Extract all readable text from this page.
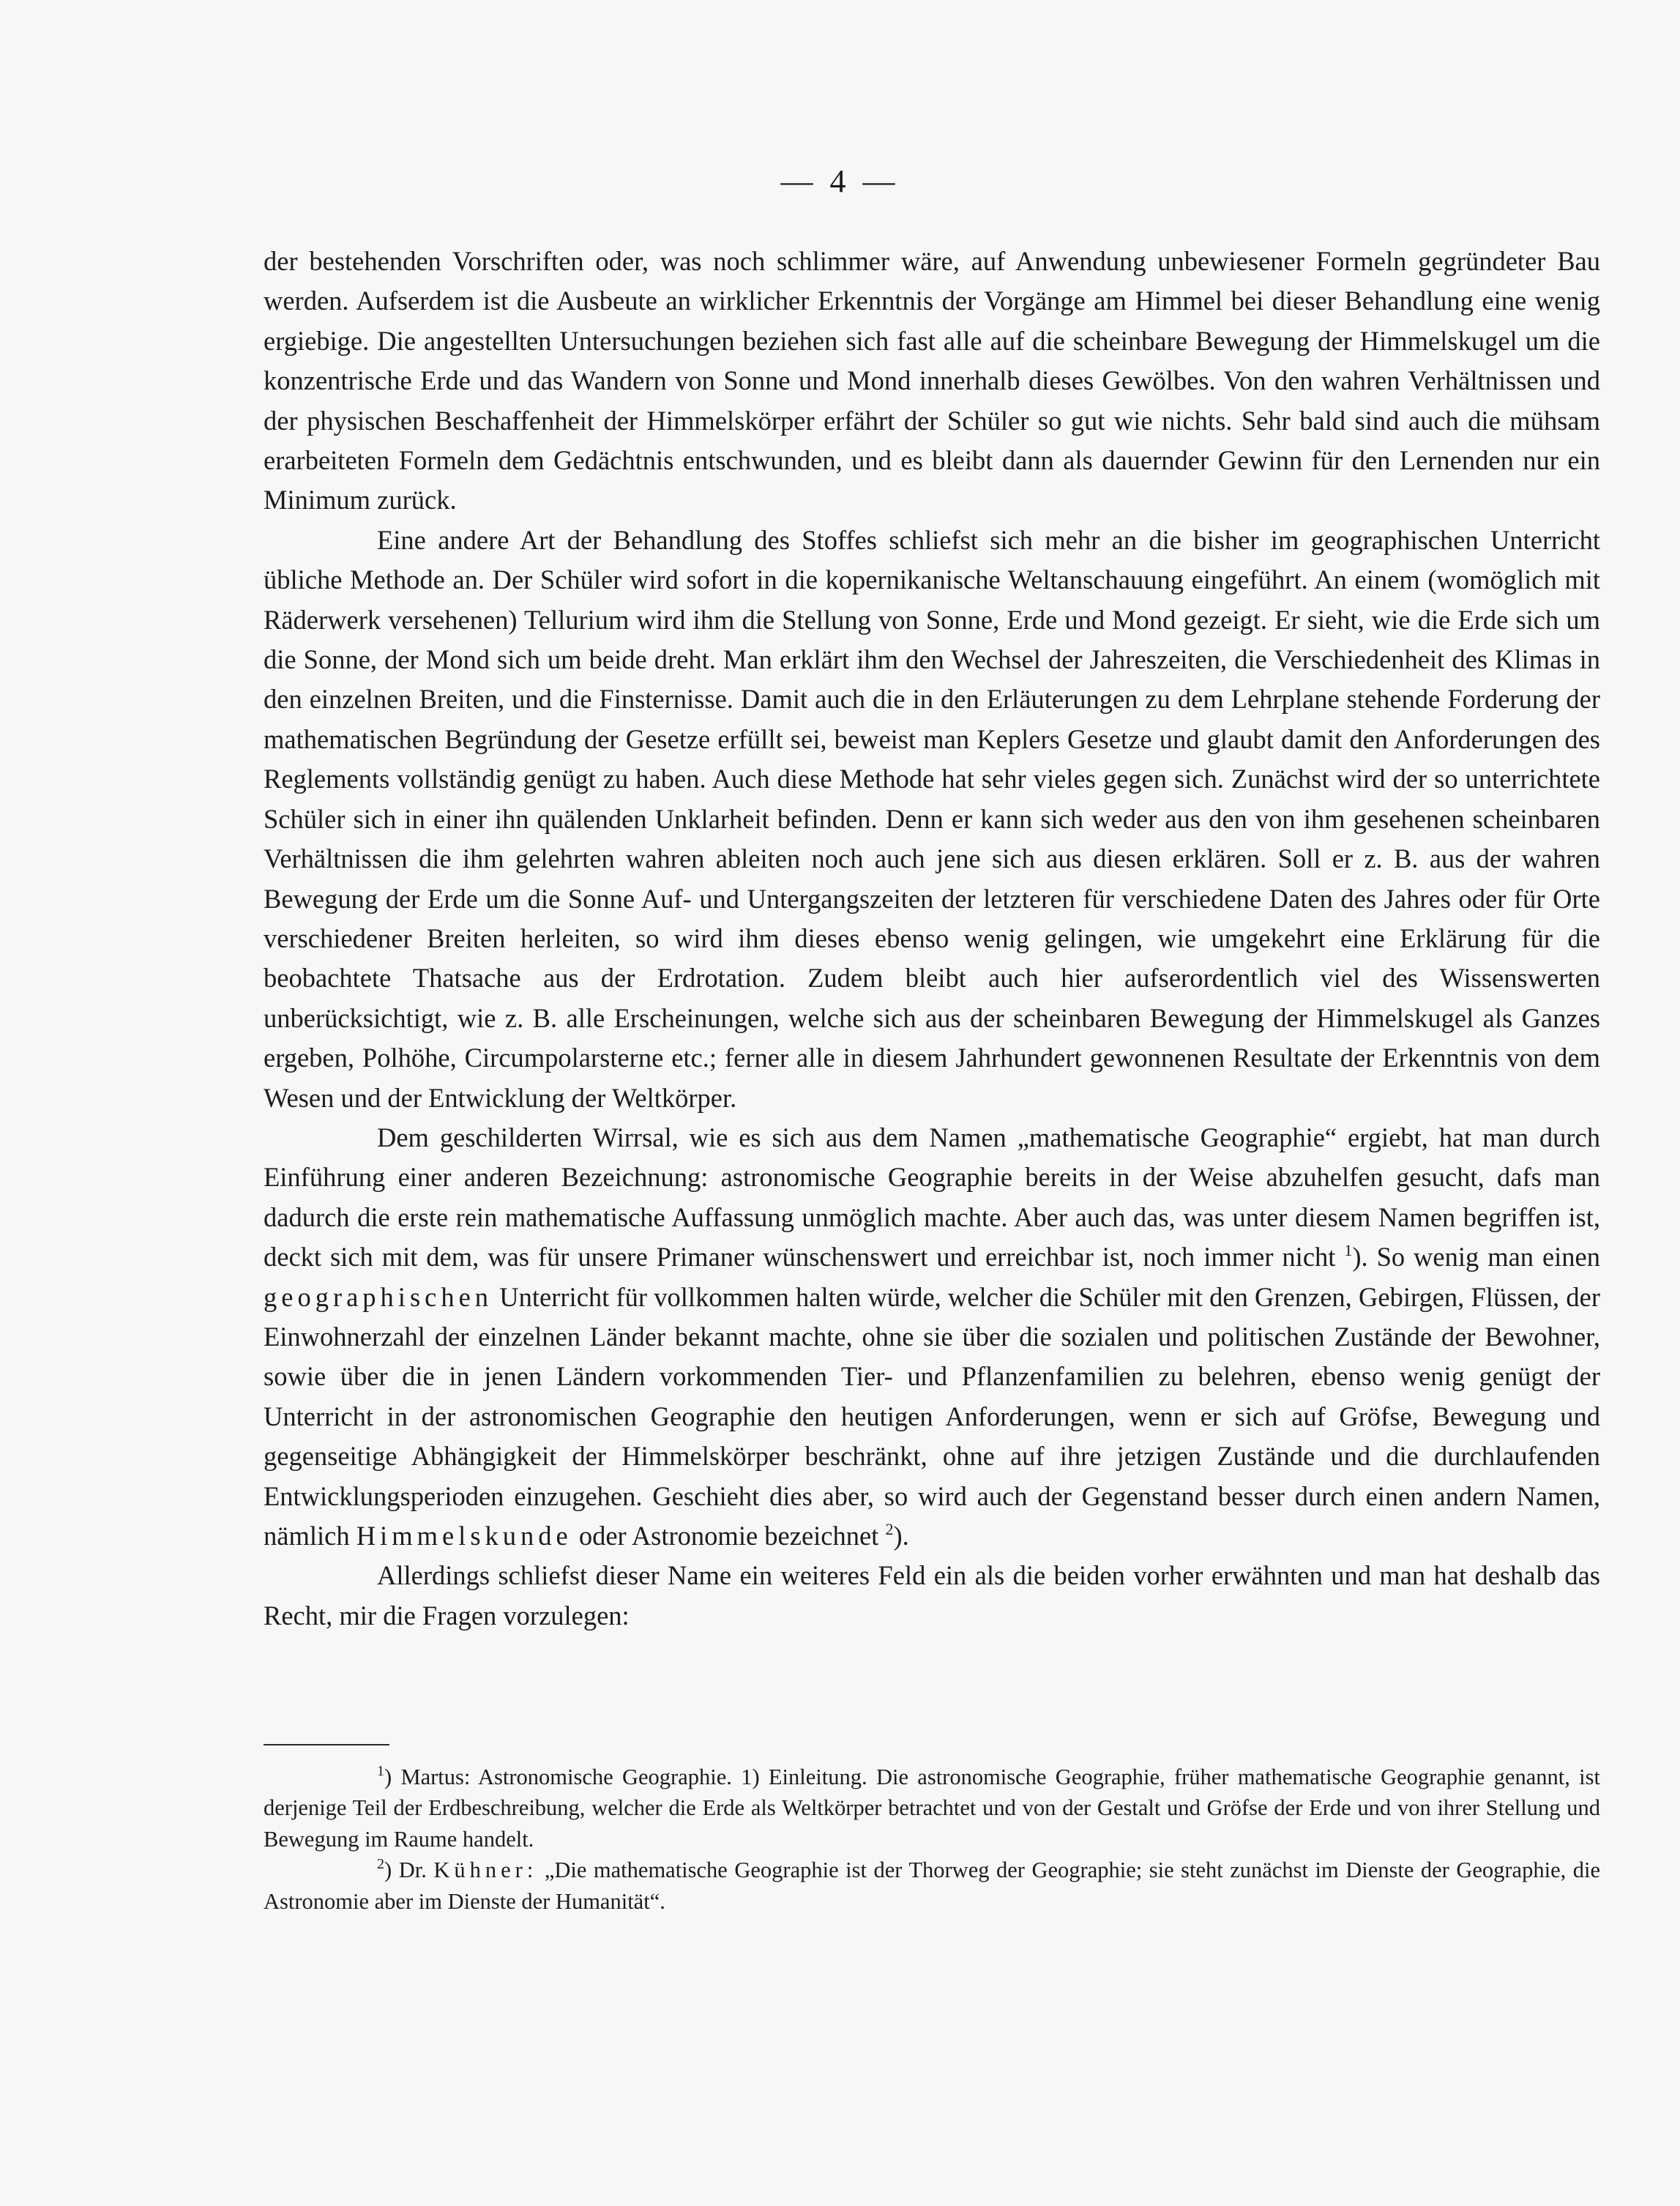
— 4 —

der bestehenden Vorschriften oder, was noch schlimmer wäre, auf Anwendung unbewiesener Formeln gegründeter Bau werden. Aufserdem ist die Ausbeute an wirklicher Erkenntnis der Vorgänge am Himmel bei dieser Behandlung eine wenig ergiebige. Die angestellten Untersuchungen beziehen sich fast alle auf die scheinbare Bewegung der Himmelskugel um die konzentrische Erde und das Wandern von Sonne und Mond innerhalb dieses Gewölbes. Von den wahren Verhältnissen und der physischen Beschaffenheit der Himmelskörper erfährt der Schüler so gut wie nichts. Sehr bald sind auch die mühsam erarbeiteten Formeln dem Gedächtnis entschwunden, und es bleibt dann als dauernder Gewinn für den Lernenden nur ein Minimum zurück.

Eine andere Art der Behandlung des Stoffes schliefst sich mehr an die bisher im geographischen Unterricht übliche Methode an. Der Schüler wird sofort in die kopernikanische Weltanschauung eingeführt. An einem (womöglich mit Räderwerk versehenen) Tellurium wird ihm die Stellung von Sonne, Erde und Mond gezeigt. Er sieht, wie die Erde sich um die Sonne, der Mond sich um beide dreht. Man erklärt ihm den Wechsel der Jahreszeiten, die Verschiedenheit des Klimas in den einzelnen Breiten, und die Finsternisse. Damit auch die in den Erläuterungen zu dem Lehrplane stehende Forderung der mathematischen Begründung der Gesetze erfüllt sei, beweist man Keplers Gesetze und glaubt damit den Anforderungen des Reglements vollständig genügt zu haben. Auch diese Methode hat sehr vieles gegen sich. Zunächst wird der so unterrichtete Schüler sich in einer ihn quälenden Unklarheit befinden. Denn er kann sich weder aus den von ihm gesehenen scheinbaren Verhältnissen die ihm gelehrten wahren ableiten noch auch jene sich aus diesen erklären. Soll er z. B. aus der wahren Bewegung der Erde um die Sonne Auf- und Untergangszeiten der letzteren für verschiedene Daten des Jahres oder für Orte verschiedener Breiten herleiten, so wird ihm dieses ebenso wenig gelingen, wie umgekehrt eine Erklärung für die beobachtete Thatsache aus der Erdrotation. Zudem bleibt auch hier aufserordentlich viel des Wissenswerten unberücksichtigt, wie z. B. alle Erscheinungen, welche sich aus der scheinbaren Bewegung der Himmelskugel als Ganzes ergeben, Polhöhe, Circumpolarsterne etc.; ferner alle in diesem Jahrhundert gewonnenen Resultate der Erkenntnis von dem Wesen und der Entwicklung der Weltkörper.

Dem geschilderten Wirrsal, wie es sich aus dem Namen „mathematische Geographie“ ergiebt, hat man durch Einführung einer anderen Bezeichnung: astronomische Geographie bereits in der Weise abzuhelfen gesucht, dafs man dadurch die erste rein mathematische Auffassung unmöglich machte. Aber auch das, was unter diesem Namen begriffen ist, deckt sich mit dem, was für unsere Primaner wünschenswert und erreichbar ist, noch immer nicht $^1$). So wenig man einen geographischen Unterricht für vollkommen halten würde, welcher die Schüler mit den Grenzen, Gebirgen, Flüssen, der Einwohnerzahl der einzelnen Länder bekannt machte, ohne sie über die sozialen und politischen Zustände der Bewohner, sowie über die in jenen Ländern vorkommenden Tier- und Pflanzenfamilien zu belehren, ebenso wenig genügt der Unterricht in der astronomischen Geographie den heutigen Anforderungen, wenn er sich auf Gröfse, Bewegung und gegenseitige Abhängigkeit der Himmelskörper beschränkt, ohne auf ihre jetzigen Zustände und die durchlaufenden Entwicklungsperioden einzugehen. Geschieht dies aber, so wird auch der Gegenstand besser durch einen andern Namen, nämlich Himmelskunde oder Astronomie bezeichnet $^2$).

Allerdings schliefst dieser Name ein weiteres Feld ein als die beiden vorher erwähnten und man hat deshalb das Recht, mir die Fragen vorzulegen:

$^1$) Martus: Astronomische Geographie. 1) Einleitung. Die astronomische Geographie, früher mathematische Geographie genannt, ist derjenige Teil der Erdbeschreibung, welcher die Erde als Weltkörper betrachtet und von der Gestalt und Gröfse der Erde und von ihrer Stellung und Bewegung im Raume handelt.

$^2$) Dr. Kühner: „Die mathematische Geographie ist der Thorweg der Geographie; sie steht zunächst im Dienste der Geographie, die Astronomie aber im Dienste der Humanität“.
